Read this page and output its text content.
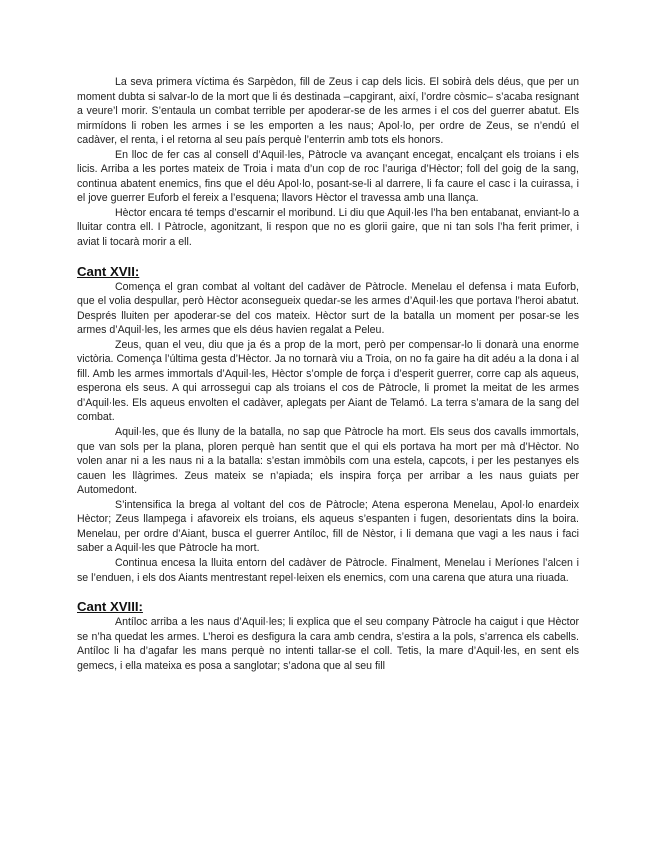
La seva primera víctima és Sarpèdon, fill de Zeus i cap dels licis. El sobirà dels déus, que per un moment dubta si salvar-lo de la mort que li és destinada –capgirant, així, l’ordre còsmic– s’acaba resignant a veure’l morir. S’entaula un combat terrible per apoderar-se de les armes i el cos del guerrer abatut. Els mirmídons li roben les armes i se les emporten a les naus; Apol·lo, per ordre de Zeus, se n’endú el cadàver, el renta, i el retorna al seu país perquè l’enterrin amb tots els honors.

En lloc de fer cas al consell d’Aquil·les, Pàtrocle va avançant encegat, encalçant els troians i els licis. Arriba a les portes mateix de Troia i mata d’un cop de roc l’auriga d’Hèctor; foll del goig de la sang, continua abatent enemics, fins que el déu Apol·lo, posant-se-li al darrere, li fa caure el casc i la cuirassa, i el jove guerrer Euforb el fereix a l’esquena; llavors Hèctor el travessa amb una llança.

Hèctor encara té temps d’escarnir el moribund. Li diu que Aquil·les l’ha ben entabanat, enviant-lo a lluitar contra ell. I Pàtrocle, agonitzant, li respon que no es glorii gaire, que ni tan sols l’ha ferit primer, i aviat li tocarà morir a ell.

Cant XVII:

Comença el gran combat al voltant del cadàver de Pàtrocle. Menelau el defensa i mata Euforb, que el volia despullar, però Hèctor aconsegueix quedar-se les armes d’Aquil·les que portava l’heroi abatut. Després lluiten per apoderar-se del cos mateix. Hèctor surt de la batalla un moment per posar-se les armes d’Aquil·les, les armes que els déus havien regalat a Peleu.

Zeus, quan el veu, diu que ja és a prop de la mort, però per compensar-lo li donarà una enorme victòria. Comença l’última gesta d’Hèctor. Ja no tornarà viu a Troia, on no fa gaire ha dit adéu a la dona i al fill. Amb les armes immortals d’Aquil·les, Hèctor s’omple de força i d’esperit guerrer, corre cap als aqueus, esperona els seus. A qui arrossegui cap als troians el cos de Pàtrocle, li promet la meitat de les armes d’Aquil·les. Els aqueus envolten el cadàver, aplegats per Aiant de Telamó. La terra s’amara de la sang del combat.

Aquil·les, que és lluny de la batalla, no sap que Pàtrocle ha mort. Els seus dos cavalls immortals, que van sols per la plana, ploren perquè han sentit que el qui els portava ha mort per mà d’Hèctor. No volen anar ni a les naus ni a la batalla: s’estan immòbils com una estela, capcots, i per les pestanyes els cauen les llàgrimes. Zeus mateix se n’apiada; els inspira força per arribar a les naus guiats per Automedont.

S’intensifica la brega al voltant del cos de Pàtrocle; Atena esperona Menelau, Apol·lo enardeix Hèctor; Zeus llampega i afavoreix els troians, els aqueus s’espanten i fugen, desorientats dins la boira. Menelau, per ordre d’Aiant, busca el guerrer Antíloc, fill de Nèstor, i li demana que vagi a les naus i faci saber a Aquil·les que Pàtrocle ha mort.

Continua encesa la lluita entorn del cadàver de Pàtrocle. Finalment, Menelau i Meríones l’alcen i se l’enduen, i els dos Aiants mentrestant repel·leixen els enemics, com una carena que atura una riuada.

Cant XVIII:

Antíloc arriba a les naus d’Aquil·les; li explica que el seu company Pàtrocle ha caigut i que Hèctor se n’ha quedat les armes. L’heroi es desfigura la cara amb cendra, s’estira a la pols, s’arrenca els cabells. Antíloc li ha d’agafar les mans perquè no intenti tallar-se el coll. Tetis, la mare d’Aquil·les, en sent els gemecs, i ella mateixa es posa a sanglotar; s’adona que al seu fill
